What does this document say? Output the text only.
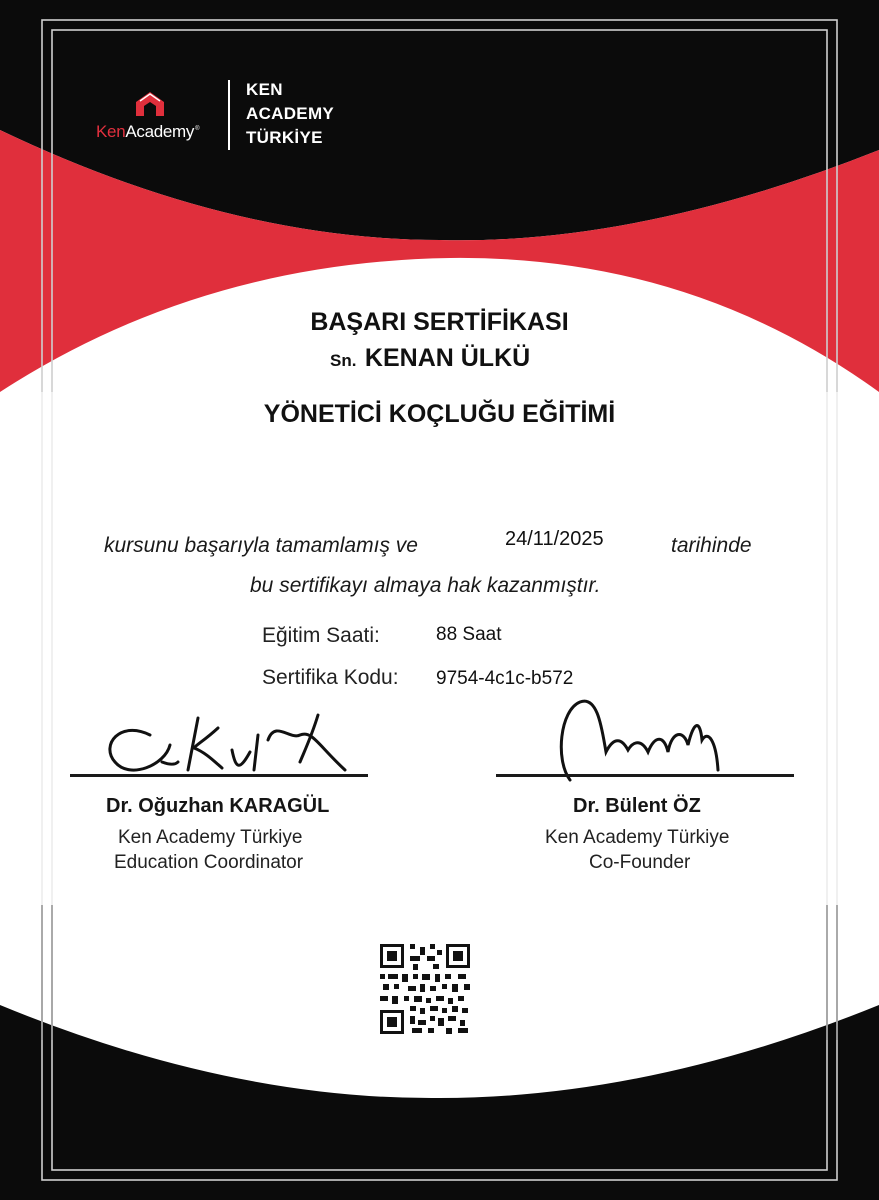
KenAcademy®
KEN
ACADEMY
TÜRKİYE
BAŞARI SERTİFİKASI
Sn. KENAN ÜLKÜ
YÖNETİCİ KOÇLUĞU EĞİTİMİ
kursunu başarıyla tamamlamış ve	24/11/2025	tarihinde
bu sertifikayı almaya hak kazanmıştır.
Eğitim Saati:	88 Saat
Sertifika Kodu: 9754-4c1c-b572
Dr. Oğuzhan KARAGÜL
Ken Academy Türkiye
Education Coordinator
Dr. Bülent ÖZ
Ken Academy Türkiye
Co-Founder
